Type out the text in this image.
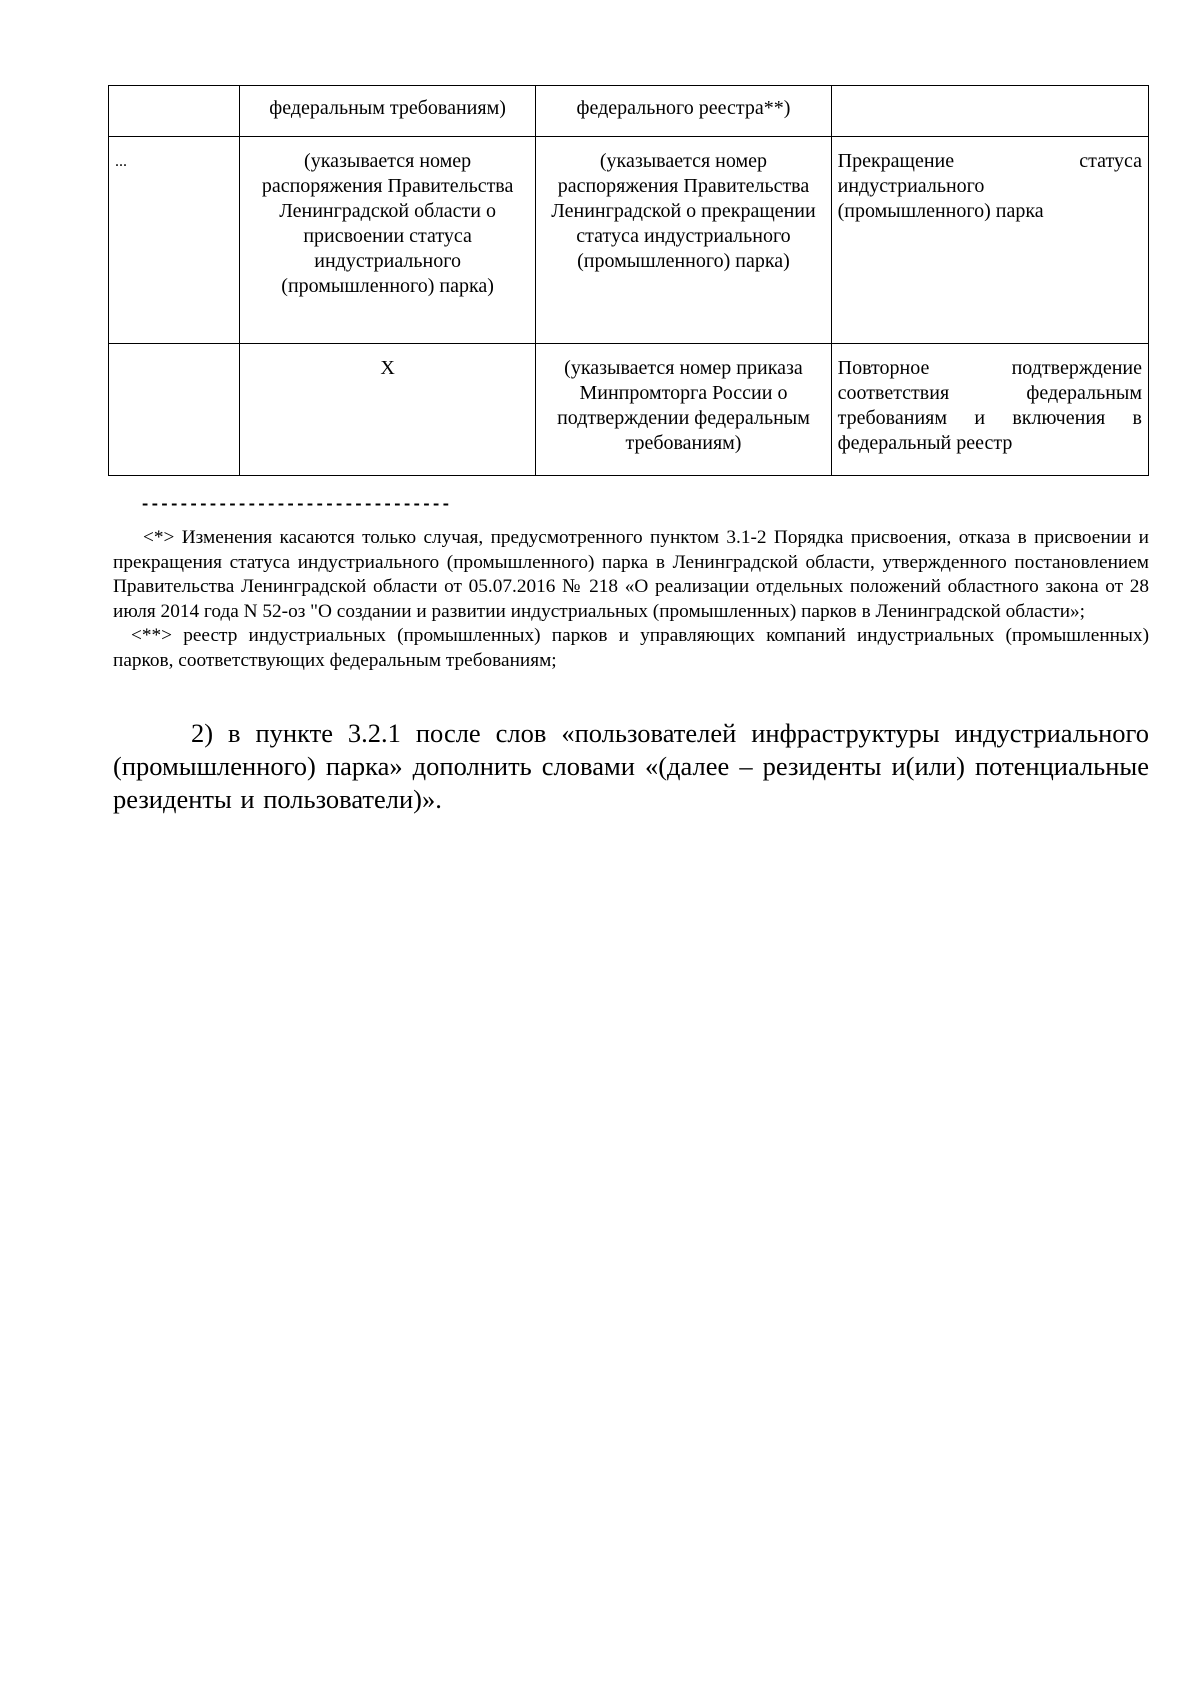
	федеральным требованиям)	федерального реестра**)	
...	(указывается номер распоряжения Правительства Ленинградской области о присвоении статуса индустриального (промышленного) парка)	(указывается номер распоряжения Правительства Ленинградской о прекращении статуса индустриального (промышленного) парка)	Прекращение статуса индустриального (промышленного) парка
	Х	(указывается номер приказа Минпромторга России о подтверждении федеральным требованиям)	Повторное подтверждение соответствия федеральным требованиям и включения в федеральный реестр
--------------------------------

<*> Изменения касаются только случая, предусмотренного пунктом 3.1-2 Порядка присвоения, отказа в присвоении и прекращения статуса индустриального (промышленного) парка в Ленинградской области, утвержденного постановлением Правительства Ленинградской области от 05.07.2016 № 218 «О реализации отдельных положений областного закона от 28 июля 2014 года N 52-оз "О создании и развитии индустриальных (промышленных) парков в Ленинградской области»;

<**> реестр индустриальных (промышленных) парков и управляющих компаний индустриальных (промышленных) парков, соответствующих федеральным требованиям;

2) в пункте 3.2.1 после слов «пользователей инфраструктуры индустриального (промышленного) парка» дополнить словами «(далее – резиденты и(или) потенциальные резиденты и пользователи)».
